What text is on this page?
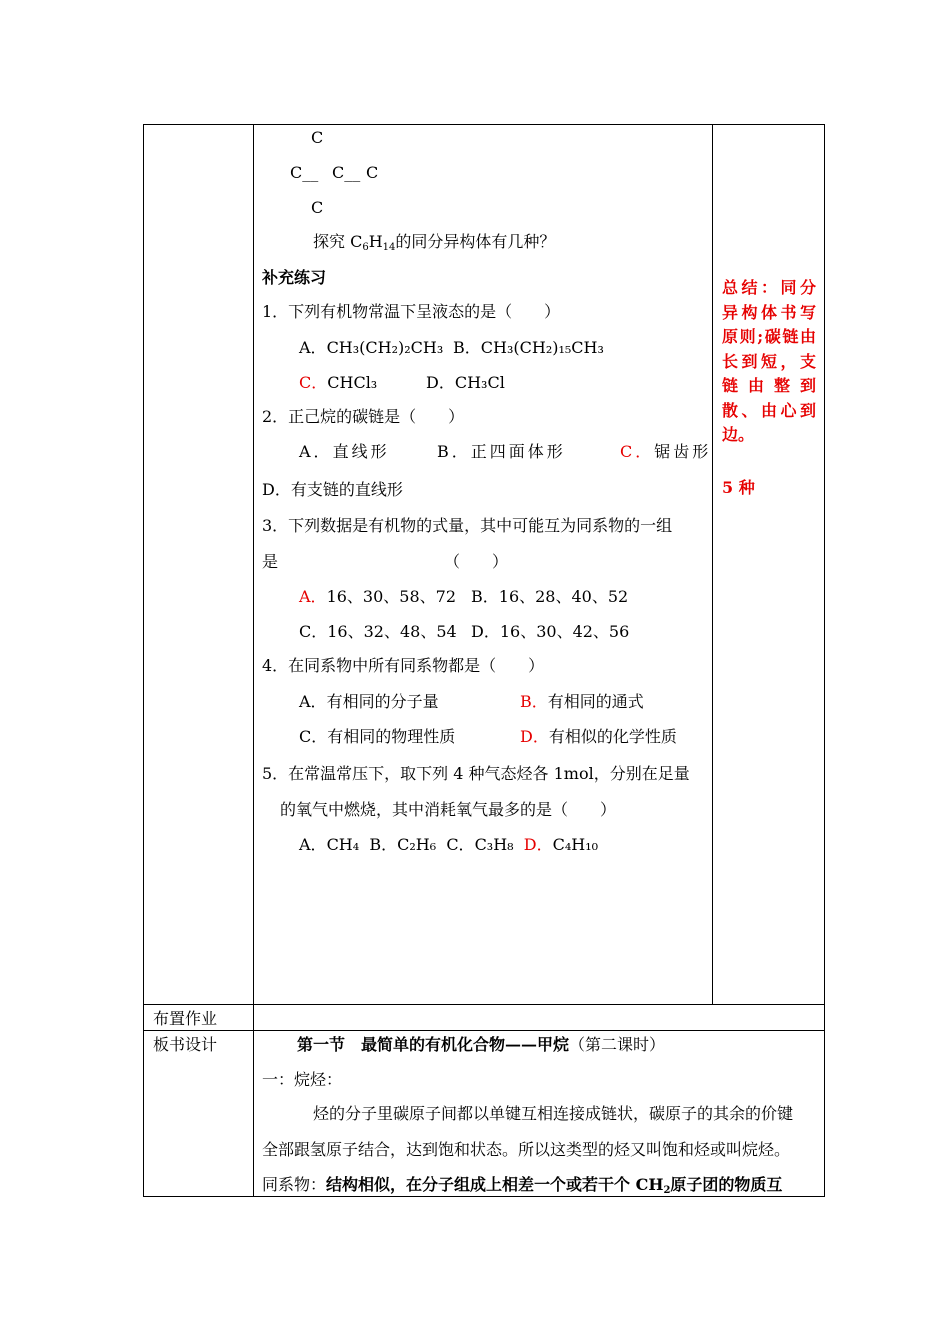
C
C__ C__ C
C
探究 $C_6H_{14}$的同分异构体有几种？
补充练习
1．下列有机物常温下呈液态的是（　　）
A．CH₃(CH₂)₂CH₃ B．CH₃(CH₂)₁₅CH₃
C．CHCl₃	D．CH₃Cl
2．正己烷的碳链是（　　）
A．直线形	B．正四面体形	C．锯齿形
D．有支链的直线形
3．下列数据是有机物的式量，其中可能互为同系物的一组
是	（　　）
A．16、30、58、72 B．16、28、40、52
C．16、32、48、54 D．16、30、42、56
4．在同系物中所有同系物都是（　　）
A．有相同的分子量	B．有相同的通式
C．有相同的物理性质	D．有相似的化学性质
5．在常温常压下，取下列 4 种气态烃各 1mol，分别在足量
的氧气中燃烧，其中消耗氧气最多的是（　　）
A．CH₄ B．C₂H₆ C．C₃H₈ D．C₄H₁₀
总结：同分异构体书写原则;碳链由长到短，支链由整到散、由心到边。
5 种
布置作业
板书设计	第一节　最简单的有机化合物——甲烷（第二课时）
一：烷烃：
烃的分子里碳原子间都以单键互相连接成链状，碳原子的其余的价键
全部跟氢原子结合，达到饱和状态。所以这类型的烃又叫饱和烃或叫烷烃。
同系物：结构相似，在分子组成上相差一个或若干个 $CH_2$原子团的物质互
